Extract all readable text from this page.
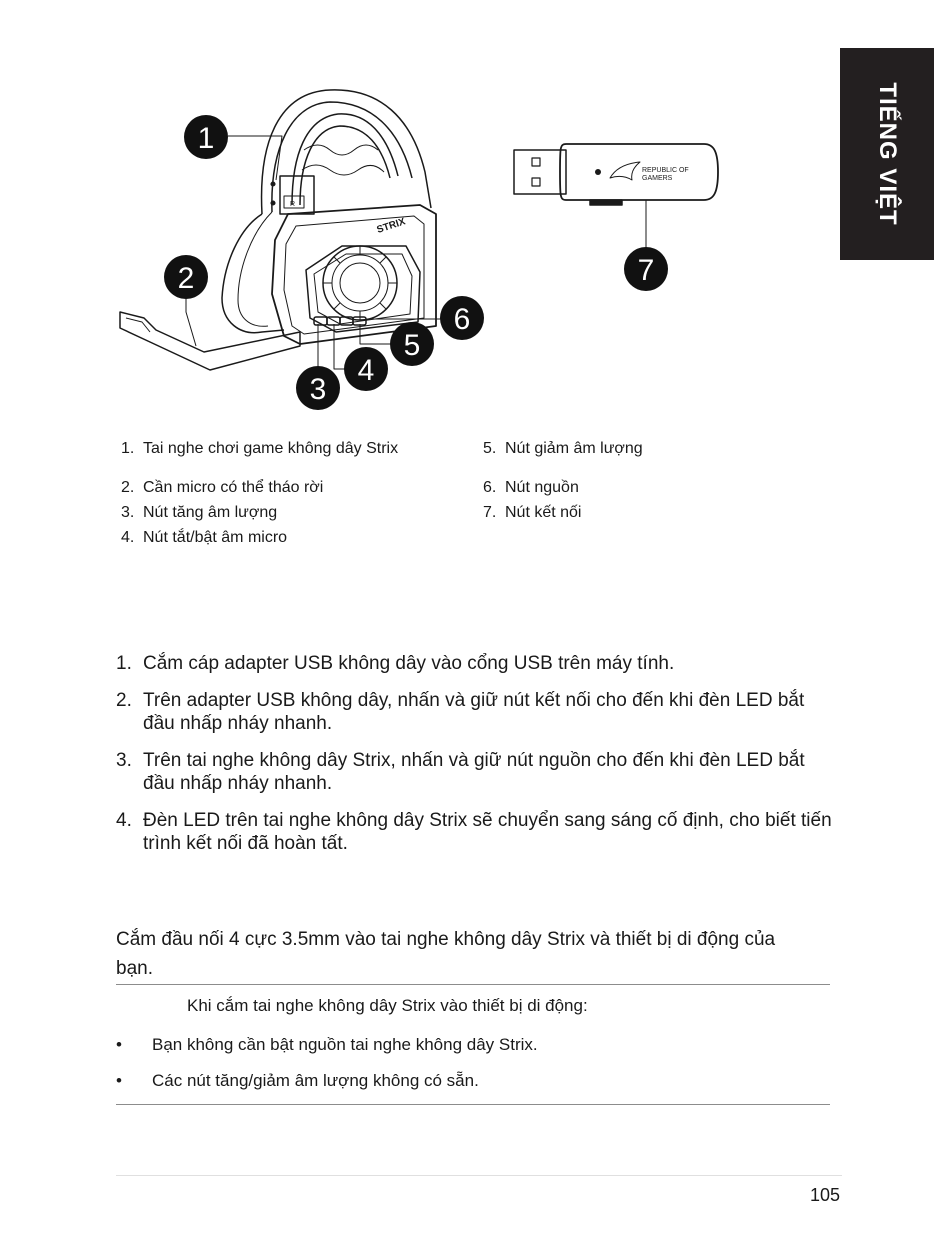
TIẾNG VIỆT
R
STRIX
REPUBLIC OF
GAMERS
1
2
3
4
5
6
7
1. Tai nghe chơi game không dây Strix
2. Cần micro có thể tháo rời
3. Nút tăng âm lượng
4. Nút tắt/bật âm micro
5. Nút giảm âm lượng
6. Nút nguồn
7. Nút kết nối
1. Cắm cáp adapter USB không dây vào cổng USB trên máy tính.
2. Trên adapter USB không dây, nhấn và giữ nút kết nối cho đến khi đèn LED bắt đầu nhấp nháy nhanh.
3. Trên tai nghe không dây Strix, nhấn và giữ nút nguồn cho đến khi đèn LED bắt đầu nhấp nháy nhanh.
4. Đèn LED trên tai nghe không dây Strix sẽ chuyển sang sáng cố định, cho biết tiến trình kết nối đã hoàn tất.
Cắm đầu nối 4 cực 3.5mm vào tai nghe không dây Strix và thiết bị di động của bạn.
Khi cắm tai nghe không dây Strix vào thiết bị di động:
• Bạn không cần bật nguồn tai nghe không dây Strix.
• Các nút tăng/giảm âm lượng không có sẵn.
105
